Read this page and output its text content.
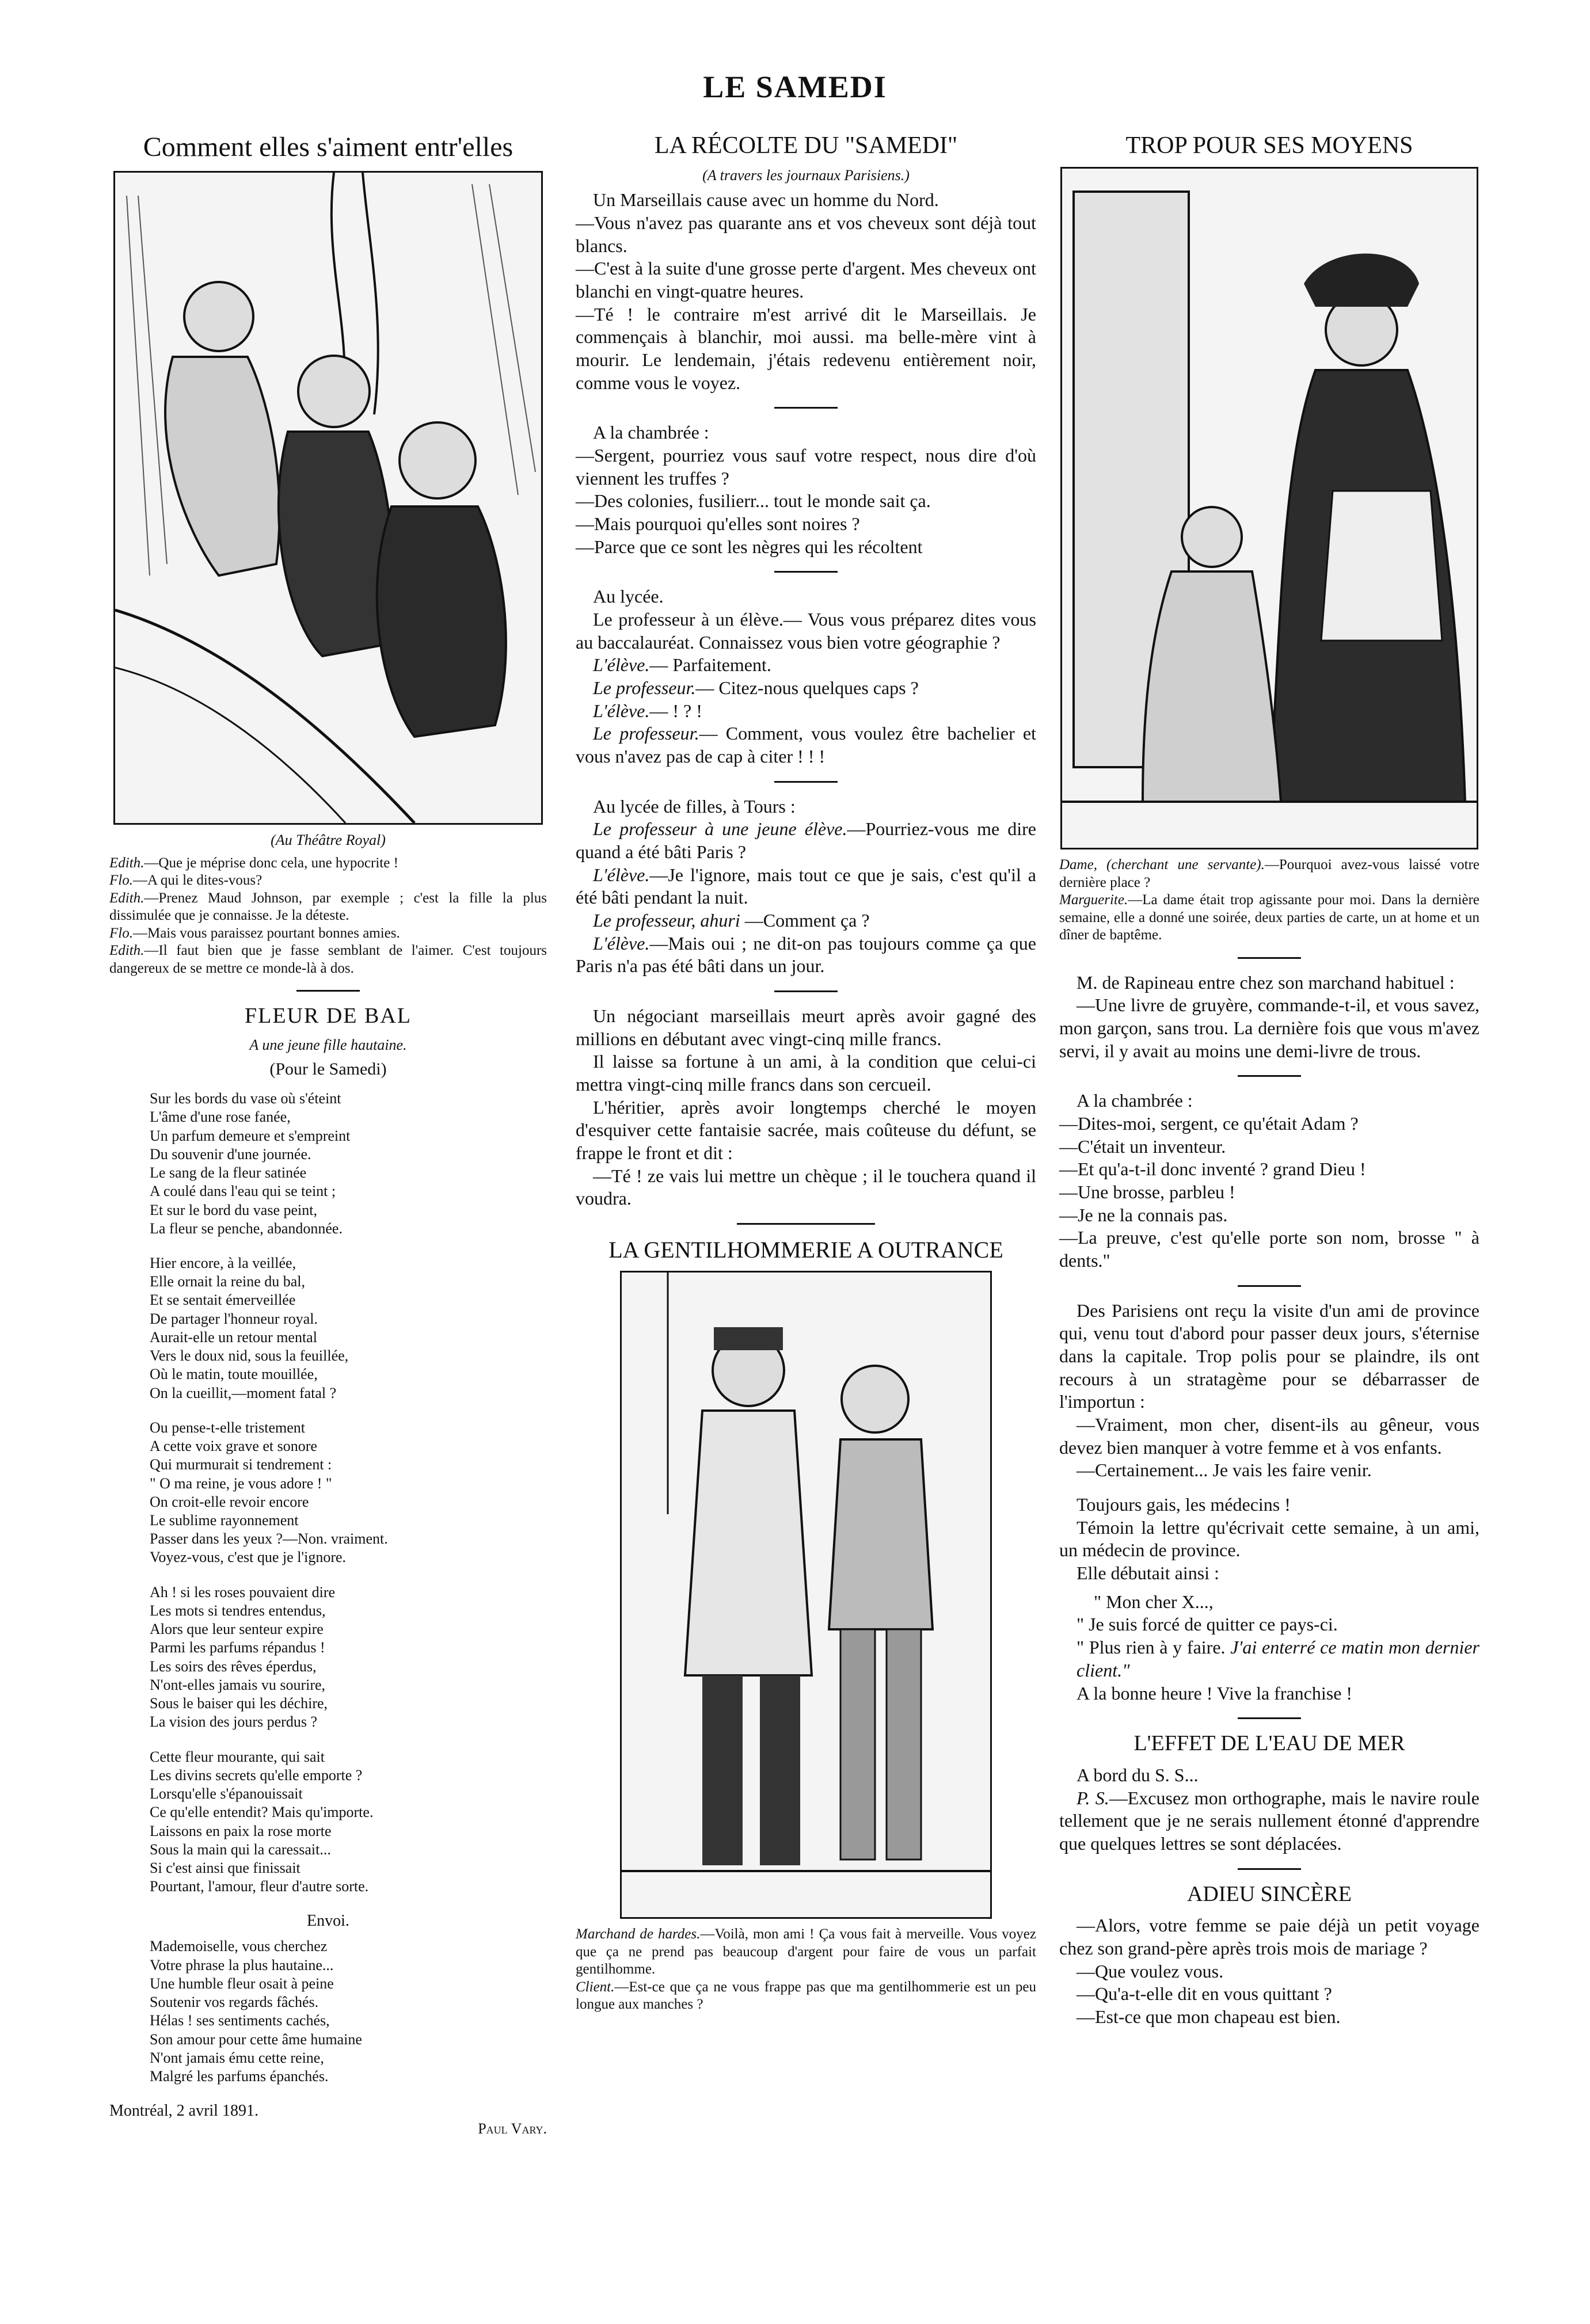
LE SAMEDI
Comment elles s'aiment entr'elles
(Au Théâtre Royal)

Edith.—Que je méprise donc cela, une hypocrite !

Flo.—A qui le dites-vous?

Edith.—Prenez Maud Johnson, par exemple ; c'est la fille la plus dissimulée que je connaisse. Je la déteste.

Flo.—Mais vous paraissez pourtant bonnes amies.

Edith.—Il faut bien que je fasse semblant de l'aimer. C'est toujours dangereux de se mettre ce monde-là à dos.

FLEUR DE BAL
A une jeune fille hautaine.
(Pour le Samedi)
Sur les bords du vase où s'éteint
L'âme d'une rose fanée,
Un parfum demeure et s'empreint
Du souvenir d'une journée.
Le sang de la fleur satinée
A coulé dans l'eau qui se teint ;
Et sur le bord du vase peint,
La fleur se penche, abandonnée.
Hier encore, à la veillée,
Elle ornait la reine du bal,
Et se sentait émerveillée
De partager l'honneur royal.
Aurait-elle un retour mental
Vers le doux nid, sous la feuillée,
Où le matin, toute mouillée,
On la cueillit,—moment fatal ?
Ou pense-t-elle tristement
A cette voix grave et sonore
Qui murmurait si tendrement :
" O ma reine, je vous adore ! "
On croit-elle revoir encore
Le sublime rayonnement
Passer dans les yeux ?—Non. vraiment.
Voyez-vous, c'est que je l'ignore.
Ah ! si les roses pouvaient dire
Les mots si tendres entendus,
Alors que leur senteur expire
Parmi les parfums répandus !
Les soirs des rêves éperdus,
N'ont-elles jamais vu sourire,
Sous le baiser qui les déchire,
La vision des jours perdus ?
Cette fleur mourante, qui sait
Les divins secrets qu'elle emporte ?
Lorsqu'elle s'épanouissait
Ce qu'elle entendit? Mais qu'importe.
Laissons en paix la rose morte
Sous la main qui la caressait...
Si c'est ainsi que finissait
Pourtant, l'amour, fleur d'autre sorte.
Envoi.
Mademoiselle, vous cherchez
Votre phrase la plus hautaine...
Une humble fleur osait à peine
Soutenir vos regards fâchés.
Hélas ! ses sentiments cachés,
Son amour pour cette âme humaine
N'ont jamais ému cette reine,
Malgré les parfums épanchés.
Montréal, 2 avril 1891.
Paul Vary.
LA RÉCOLTE DU "SAMEDI"
(A travers les journaux Parisiens.)

Un Marseillais cause avec un homme du Nord.

—Vous n'avez pas quarante ans et vos cheveux sont déjà tout blancs.

—C'est à la suite d'une grosse perte d'argent. Mes cheveux ont blanchi en vingt-quatre heures.

—Té ! le contraire m'est arrivé dit le Marseillais. Je commençais à blanchir, moi aussi. ma belle-mère vint à mourir. Le lendemain, j'étais redevenu entièrement noir, comme vous le voyez.

A la chambrée :

—Sergent, pourriez vous sauf votre respect, nous dire d'où viennent les truffes ?

—Des colonies, fusilierr... tout le monde sait ça.

—Mais pourquoi qu'elles sont noires ?

—Parce que ce sont les nègres qui les récoltent

Au lycée.

Le professeur à un élève.— Vous vous préparez dites vous au baccalauréat. Connaissez vous bien votre géographie ?

L'élève.— Parfaitement.

Le professeur.— Citez-nous quelques caps ?

L'élève.— ! ? !

Le professeur.— Comment, vous voulez être bachelier et vous n'avez pas de cap à citer ! ! !

Au lycée de filles, à Tours :

Le professeur à une jeune élève.—Pourriez-vous me dire quand a été bâti Paris ?

L'élève.—Je l'ignore, mais tout ce que je sais, c'est qu'il a été bâti pendant la nuit.

Le professeur, ahuri —Comment ça ?

L'élève.—Mais oui ; ne dit-on pas toujours comme ça que Paris n'a pas été bâti dans un jour.

Un négociant marseillais meurt après avoir gagné des millions en débutant avec vingt-cinq mille francs.

Il laisse sa fortune à un ami, à la condition que celui-ci mettra vingt-cinq mille francs dans son cercueil.

L'héritier, après avoir longtemps cherché le moyen d'esquiver cette fantaisie sacrée, mais coûteuse du défunt, se frappe le front et dit :

—Té ! ze vais lui mettre un chèque ; il le touchera quand il voudra.

LA GENTILHOMMERIE A OUTRANCE

Marchand de hardes.—Voilà, mon ami ! Ça vous fait à merveille. Vous voyez que ça ne prend pas beaucoup d'argent pour faire de vous un parfait gentilhomme.

Client.—Est-ce que ça ne vous frappe pas que ma gentilhommerie est un peu longue aux manches ?

TROP POUR SES MOYENS

Dame, (cherchant une servante).—Pourquoi avez-vous laissé votre dernière place ?

Marguerite.—La dame était trop agissante pour moi. Dans la dernière semaine, elle a donné une soirée, deux parties de carte, un at home et un dîner de baptême.

M. de Rapineau entre chez son marchand habituel :

—Une livre de gruyère, commande-t-il, et vous savez, mon garçon, sans trou. La dernière fois que vous m'avez servi, il y avait au moins une demi-livre de trous.

A la chambrée :

—Dites-moi, sergent, ce qu'était Adam ?

—C'était un inventeur.

—Et qu'a-t-il donc inventé ? grand Dieu !

—Une brosse, parbleu !

—Je ne la connais pas.

—La preuve, c'est qu'elle porte son nom, brosse " à dents."

Des Parisiens ont reçu la visite d'un ami de province qui, venu tout d'abord pour passer deux jours, s'éternise dans la capitale. Trop polis pour se plaindre, ils ont recours à un stratagème pour se débarrasser de l'importun :

—Vraiment, mon cher, disent-ils au gêneur, vous devez bien manquer à votre femme et à vos enfants.

—Certainement... Je vais les faire venir.

Toujours gais, les médecins !

Témoin la lettre qu'écrivait cette semaine, à un ami, un médecin de province.

Elle débutait ainsi :

" Mon cher X...,

" Je suis forcé de quitter ce pays-ci.

" Plus rien à y faire. J'ai enterré ce matin mon dernier client."

A la bonne heure ! Vive la franchise !

L'EFFET DE L'EAU DE MER

A bord du S. S...

P. S.—Excusez mon orthographe, mais le navire roule tellement que je ne serais nullement étonné d'apprendre que quelques lettres se sont déplacées.

ADIEU SINCÈRE

—Alors, votre femme se paie déjà un petit voyage chez son grand-père après trois mois de mariage ?

—Que voulez vous.

—Qu'a-t-elle dit en vous quittant ?

—Est-ce que mon chapeau est bien.
